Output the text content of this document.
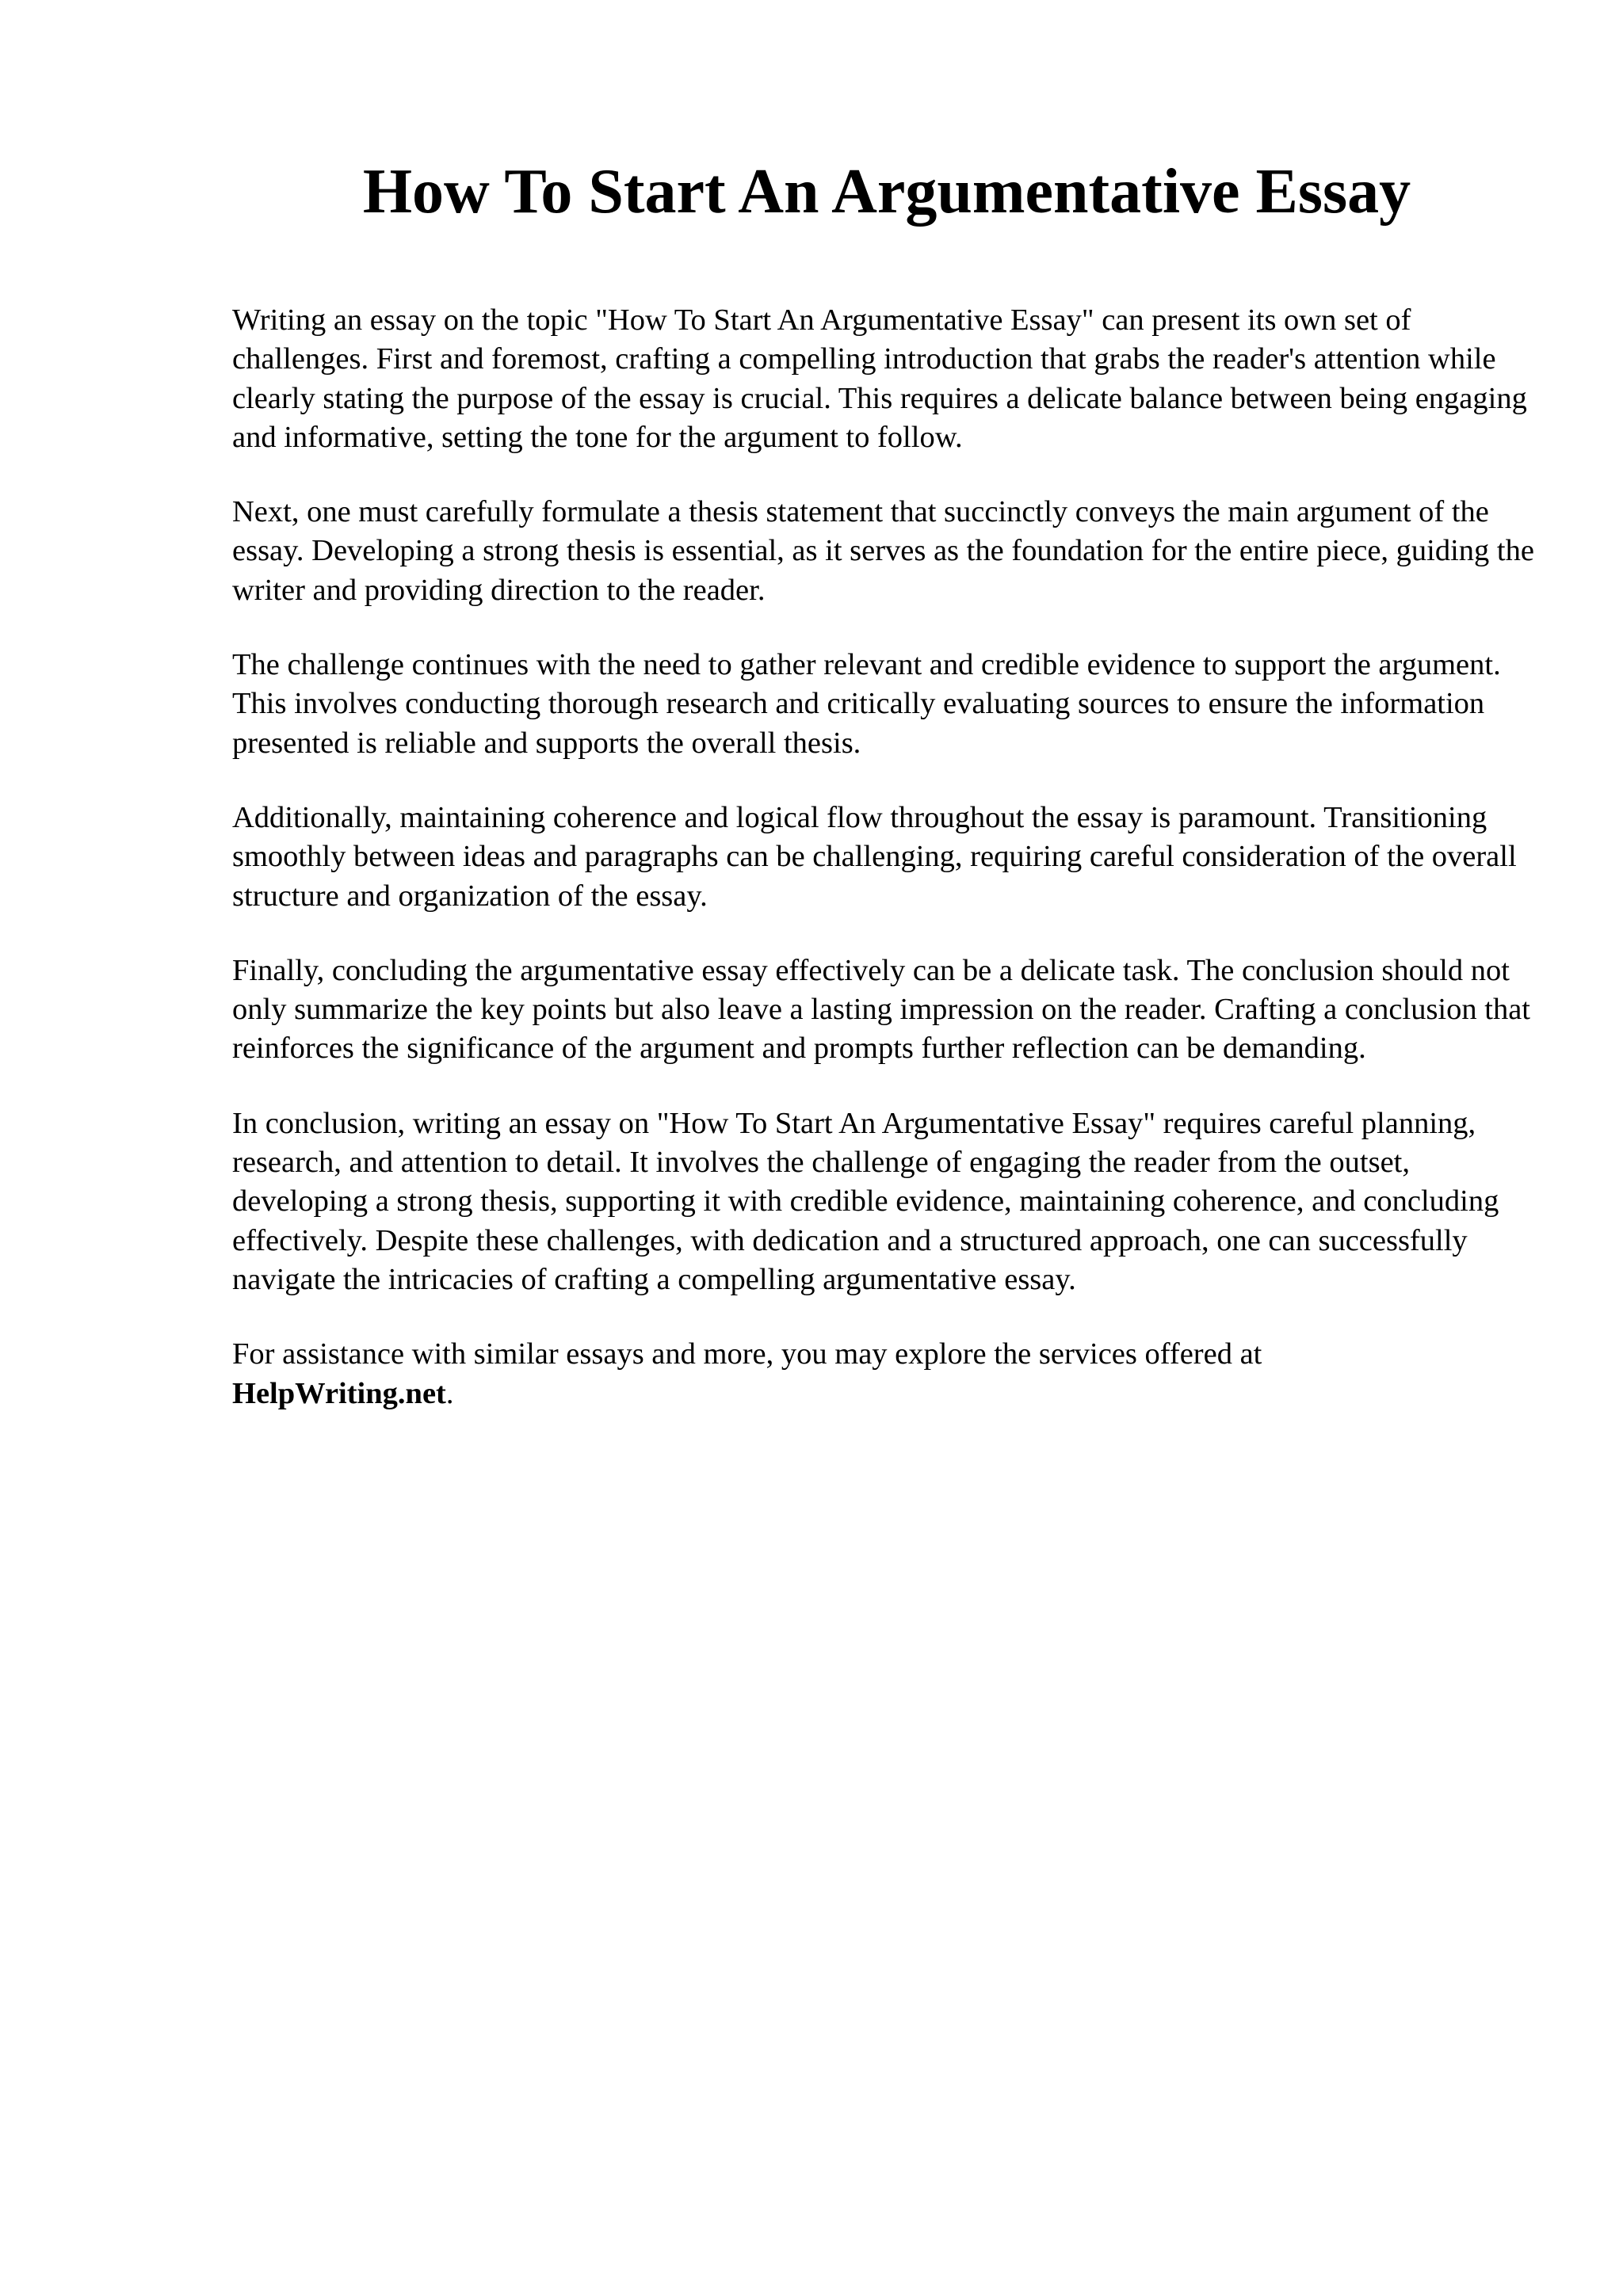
How To Start An Argumentative Essay

Writing an essay on the topic "How To Start An Argumentative Essay" can present its own set of challenges. First and foremost, crafting a compelling introduction that grabs the reader's attention while clearly stating the purpose of the essay is crucial. This requires a delicate balance between being engaging and informative, setting the tone for the argument to follow.

Next, one must carefully formulate a thesis statement that succinctly conveys the main argument of the essay. Developing a strong thesis is essential, as it serves as the foundation for the entire piece, guiding the writer and providing direction to the reader.

The challenge continues with the need to gather relevant and credible evidence to support the argument. This involves conducting thorough research and critically evaluating sources to ensure the information presented is reliable and supports the overall thesis.

Additionally, maintaining coherence and logical flow throughout the essay is paramount. Transitioning smoothly between ideas and paragraphs can be challenging, requiring careful consideration of the overall structure and organization of the essay.

Finally, concluding the argumentative essay effectively can be a delicate task. The conclusion should not only summarize the key points but also leave a lasting impression on the reader. Crafting a conclusion that reinforces the significance of the argument and prompts further reflection can be demanding.

In conclusion, writing an essay on "How To Start An Argumentative Essay" requires careful planning, research, and attention to detail. It involves the challenge of engaging the reader from the outset, developing a strong thesis, supporting it with credible evidence, maintaining coherence, and concluding effectively. Despite these challenges, with dedication and a structured approach, one can successfully navigate the intricacies of crafting a compelling argumentative essay.

For assistance with similar essays and more, you may explore the services offered at
HelpWriting.net.
